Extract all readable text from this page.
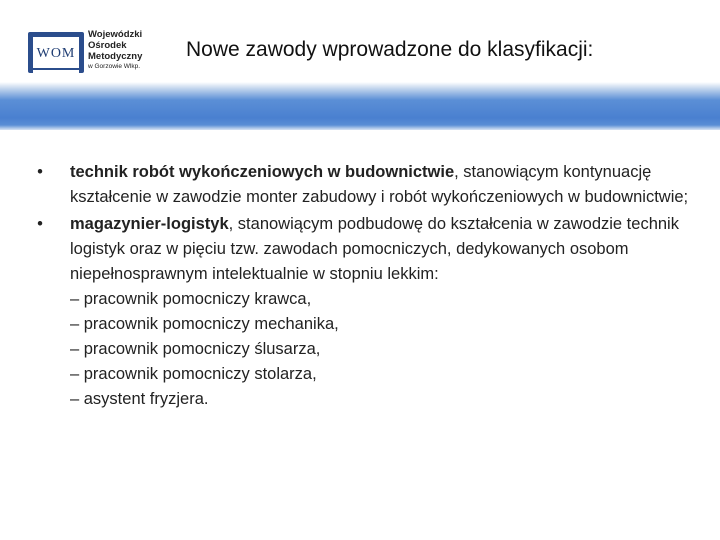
WOM
Wojewódzki
Ośrodek
Metodyczny
w Gorzowie Wlkp.
Nowe zawody wprowadzone do klasyfikacji:
•	technik robót wykończeniowych w budownictwie, stanowiącym kontynuację kształcenie w zawodzie monter zabudowy i robót wykończeniowych w budownictwie;
•	magazynier-logistyk, stanowiącym podbudowę do kształcenia w zawodzie technik logistyk oraz w pięciu tzw. zawodach pomocniczych, dedykowanych osobom niepełnosprawnym intelektualnie w stopniu lekkim:
– pracownik pomocniczy krawca,
– pracownik pomocniczy mechanika,
– pracownik pomocniczy ślusarza,
– pracownik pomocniczy stolarza,
– asystent fryzjera.
